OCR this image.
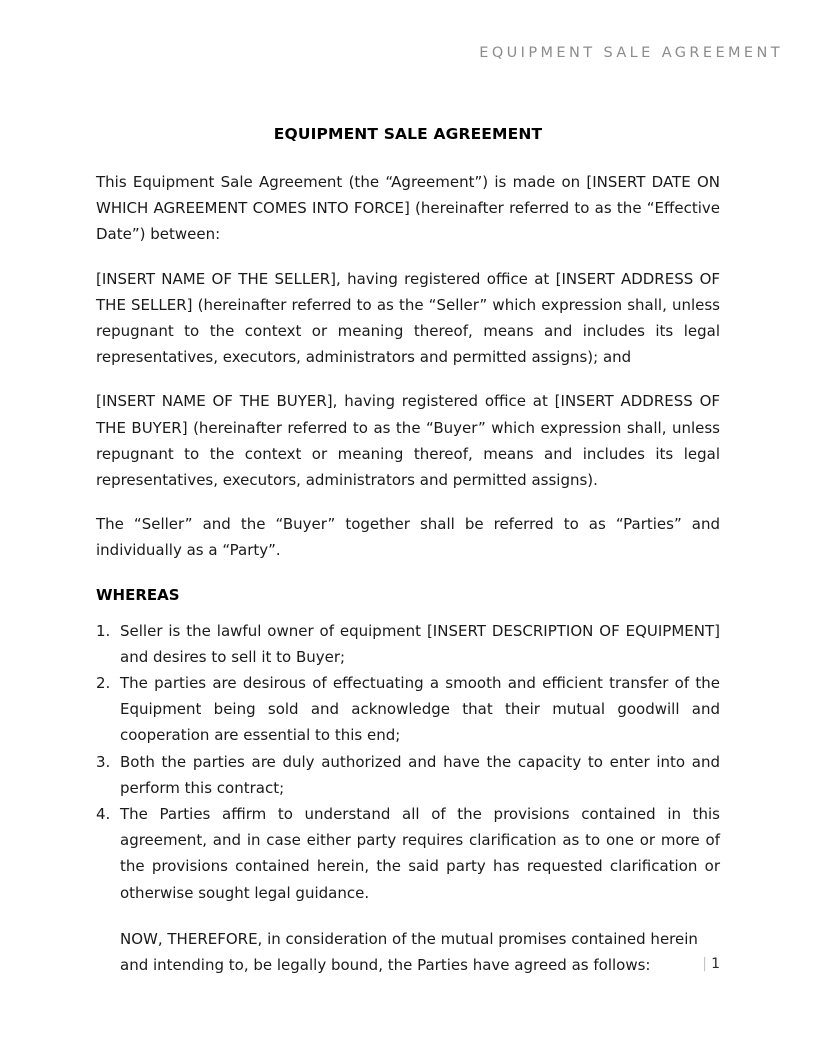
EQUIPMENT SALE AGREEMENT
EQUIPMENT SALE AGREEMENT

This Equipment Sale Agreement (the “Agreement”) is made on [INSERT DATE ON WHICH AGREEMENT COMES INTO FORCE] (hereinafter referred to as the “Effective Date”) between:

[INSERT NAME OF THE SELLER], having registered office at [INSERT ADDRESS OF THE SELLER] (hereinafter referred to as the “Seller” which expression shall, unless repugnant to the context or meaning thereof, means and includes its legal representatives, executors, administrators and permitted assigns); and

[INSERT NAME OF THE BUYER], having registered office at [INSERT ADDRESS OF THE BUYER] (hereinafter referred to as the “Buyer” which expression shall, unless repugnant to the context or meaning thereof, means and includes its legal representatives, executors, administrators and permitted assigns).

The “Seller” and the “Buyer” together shall be referred to as “Parties” and individually as a “Party”.

WHEREAS
Seller is the lawful owner of equipment [INSERT DESCRIPTION OF EQUIPMENT] and desires to sell it to Buyer;
The parties are desirous of effectuating a smooth and efficient transfer of the Equipment being sold and acknowledge that their mutual goodwill and cooperation are essential to this end;
Both the parties are duly authorized and have the capacity to enter into and perform this contract;
The Parties affirm to understand all of the provisions contained in this agreement, and in case either party requires clarification as to one or more of the provisions contained herein, the said party has requested clarification or otherwise sought legal guidance.

NOW, THEREFORE, in consideration of the mutual promises contained herein and intending to, be legally bound, the Parties have agreed as follows:	| 1
